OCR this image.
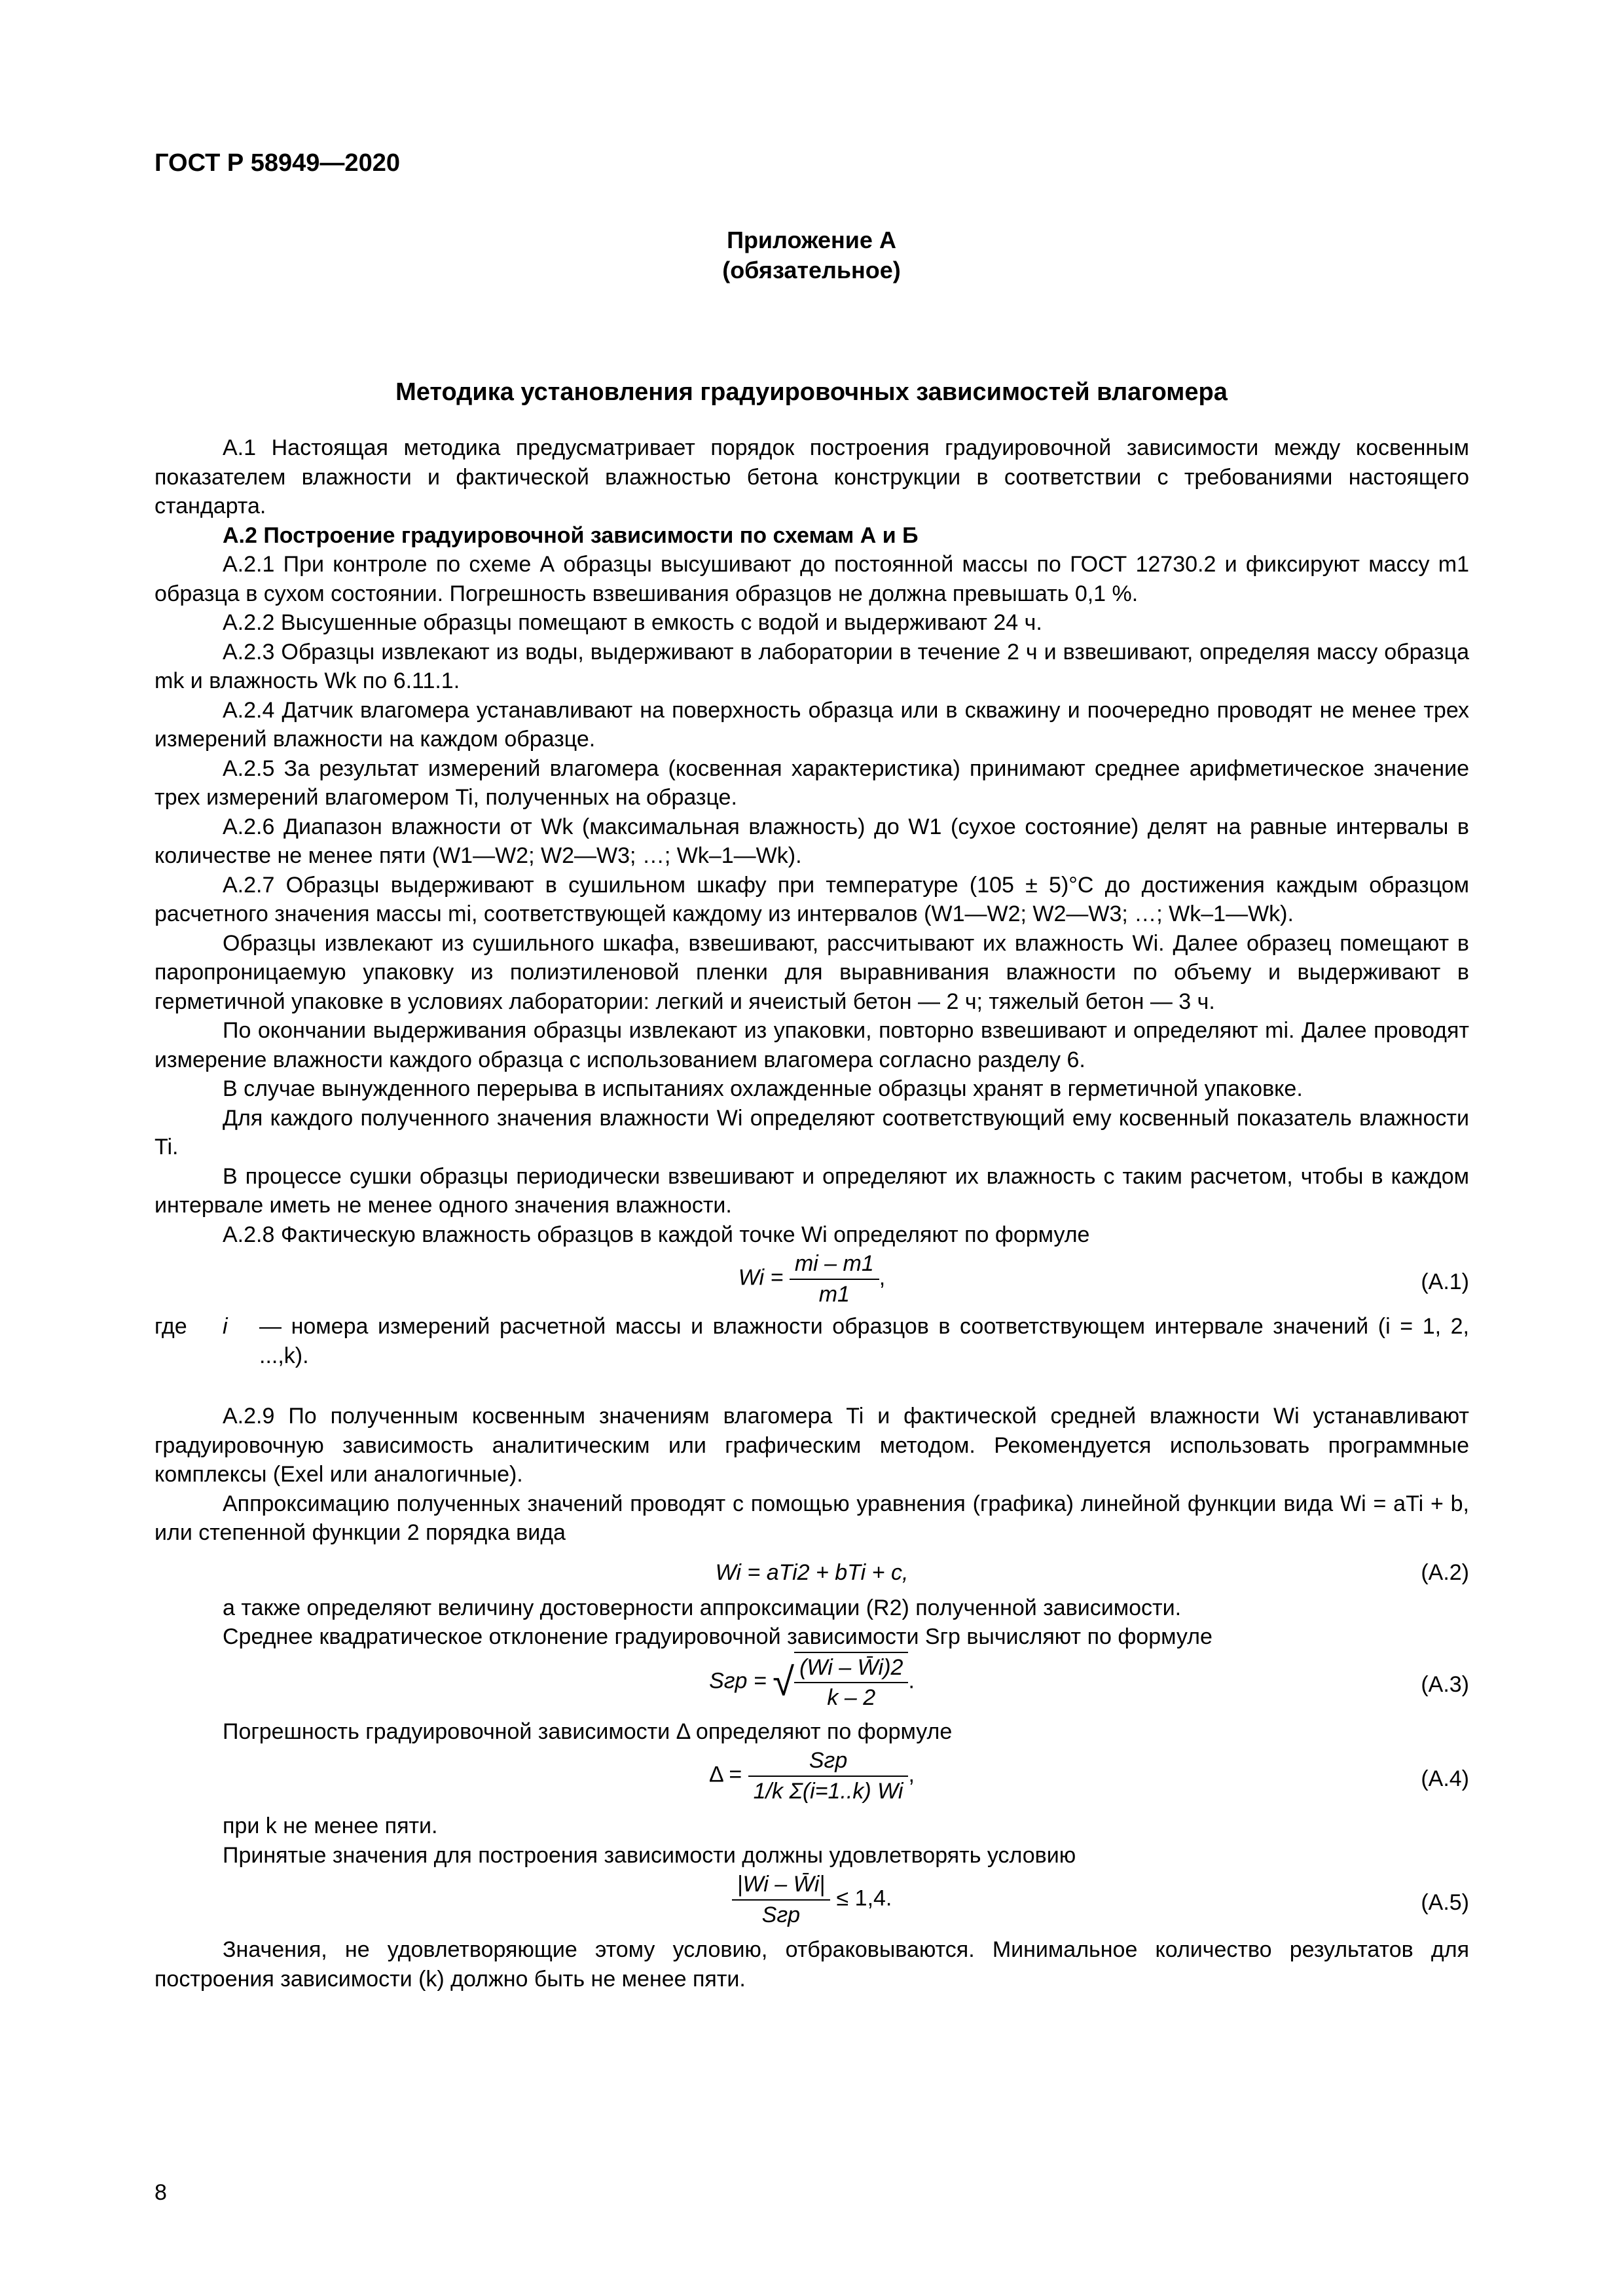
ГОСТ Р 58949—2020
Приложение А
(обязательное)
Методика установления градуировочных зависимостей влагомера

А.1 Настоящая методика предусматривает порядок построения градуировочной зависимости между косвенным показателем влажности и фактической влажностью бетона конструкции в соответствии с требованиями настоящего стандарта.

А.2 Построение градуировочной зависимости по схемам А и Б

А.2.1 При контроле по схеме А образцы высушивают до постоянной массы по ГОСТ 12730.2 и фиксируют массу m1 образца в сухом состоянии. Погрешность взвешивания образцов не должна превышать 0,1 %.

А.2.2 Высушенные образцы помещают в емкость с водой и выдерживают 24 ч.

А.2.3 Образцы извлекают из воды, выдерживают в лаборатории в течение 2 ч и взвешивают, определяя массу образца mk и влажность Wk по 6.11.1.

А.2.4 Датчик влагомера устанавливают на поверхность образца или в скважину и поочередно проводят не менее трех измерений влажности на каждом образце.

А.2.5 За результат измерений влагомера (косвенная характеристика) принимают среднее арифметическое значение трех измерений влагомером Ti, полученных на образце.

А.2.6 Диапазон влажности от Wk (максимальная влажность) до W1 (сухое состояние) делят на равные интервалы в количестве не менее пяти (W1—W2; W2—W3; …; Wk–1—Wk).

А.2.7 Образцы выдерживают в сушильном шкафу при температуре (105 ± 5)°С до достижения каждым образцом расчетного значения массы mi, соответствующей каждому из интервалов (W1—W2; W2—W3; …; Wk–1—Wk).

Образцы извлекают из сушильного шкафа, взвешивают, рассчитывают их влажность Wi. Далее образец помещают в паропроницаемую упаковку из полиэтиленовой пленки для выравнивания влажности по объему и выдерживают в герметичной упаковке в условиях лаборатории: легкий и ячеистый бетон — 2 ч; тяжелый бетон — 3 ч.

По окончании выдерживания образцы извлекают из упаковки, повторно взвешивают и определяют mi. Далее проводят измерение влажности каждого образца с использованием влагомера согласно разделу 6.

В случае вынужденного перерыва в испытаниях охлажденные образцы хранят в герметичной упаковке.

Для каждого полученного значения влажности Wi определяют соответствующий ему косвенный показатель влажности Ti.

В процессе сушки образцы периодически взвешивают и определяют их влажность с таким расчетом, чтобы в каждом интервале иметь не менее одного значения влажности.

А.2.8 Фактическую влажность образцов в каждой точке Wi определяют по формуле

$Wi = \frac{mi - m1}{m1}$ ,	(А.1)
где	i	— номера измерений расчетной массы и влажности образцов в соответствующем интервале значений (i = 1, 2, ...,k).

А.2.9 По полученным косвенным значениям влагомера Ti и фактической средней влажности Wi устанавливают градуировочную зависимость аналитическим или графическим методом. Рекомендуется использовать программные комплексы (Exel или аналогичные).

Аппроксимацию полученных значений проводят с помощью уравнения (графика) линейной функции вида Wi = aTi + b, или степенной функции 2 порядка вида

Wi = aTi2 + bTi + c,	(А.2)

а также определяют величину достоверности аппроксимации (R2) полученной зависимости.

Среднее квадратическое отклонение градуировочной зависимости Sгр вычисляют по формуле

Sгр = √ $\frac{(Wi - W̄i)2}{k - 2}$ .	(А.3)

Погрешность градуировочной зависимости Δ определяют по формуле

$\Delta = \frac{\text{Sгр}}{\text{1/k Σ(i=1..k) Wi}}$ ,	(А.4)

при k не менее пяти.

Принятые значения для построения зависимости должны удовлетворять условию

$\frac{|Wi - W̄i|}{\text{Sгр}} \le 1,4$.	(А.5)

Значения, не удовлетворяющие этому условию, отбраковываются. Минимальное количество результатов для построения зависимости (k) должно быть не менее пяти.

8
